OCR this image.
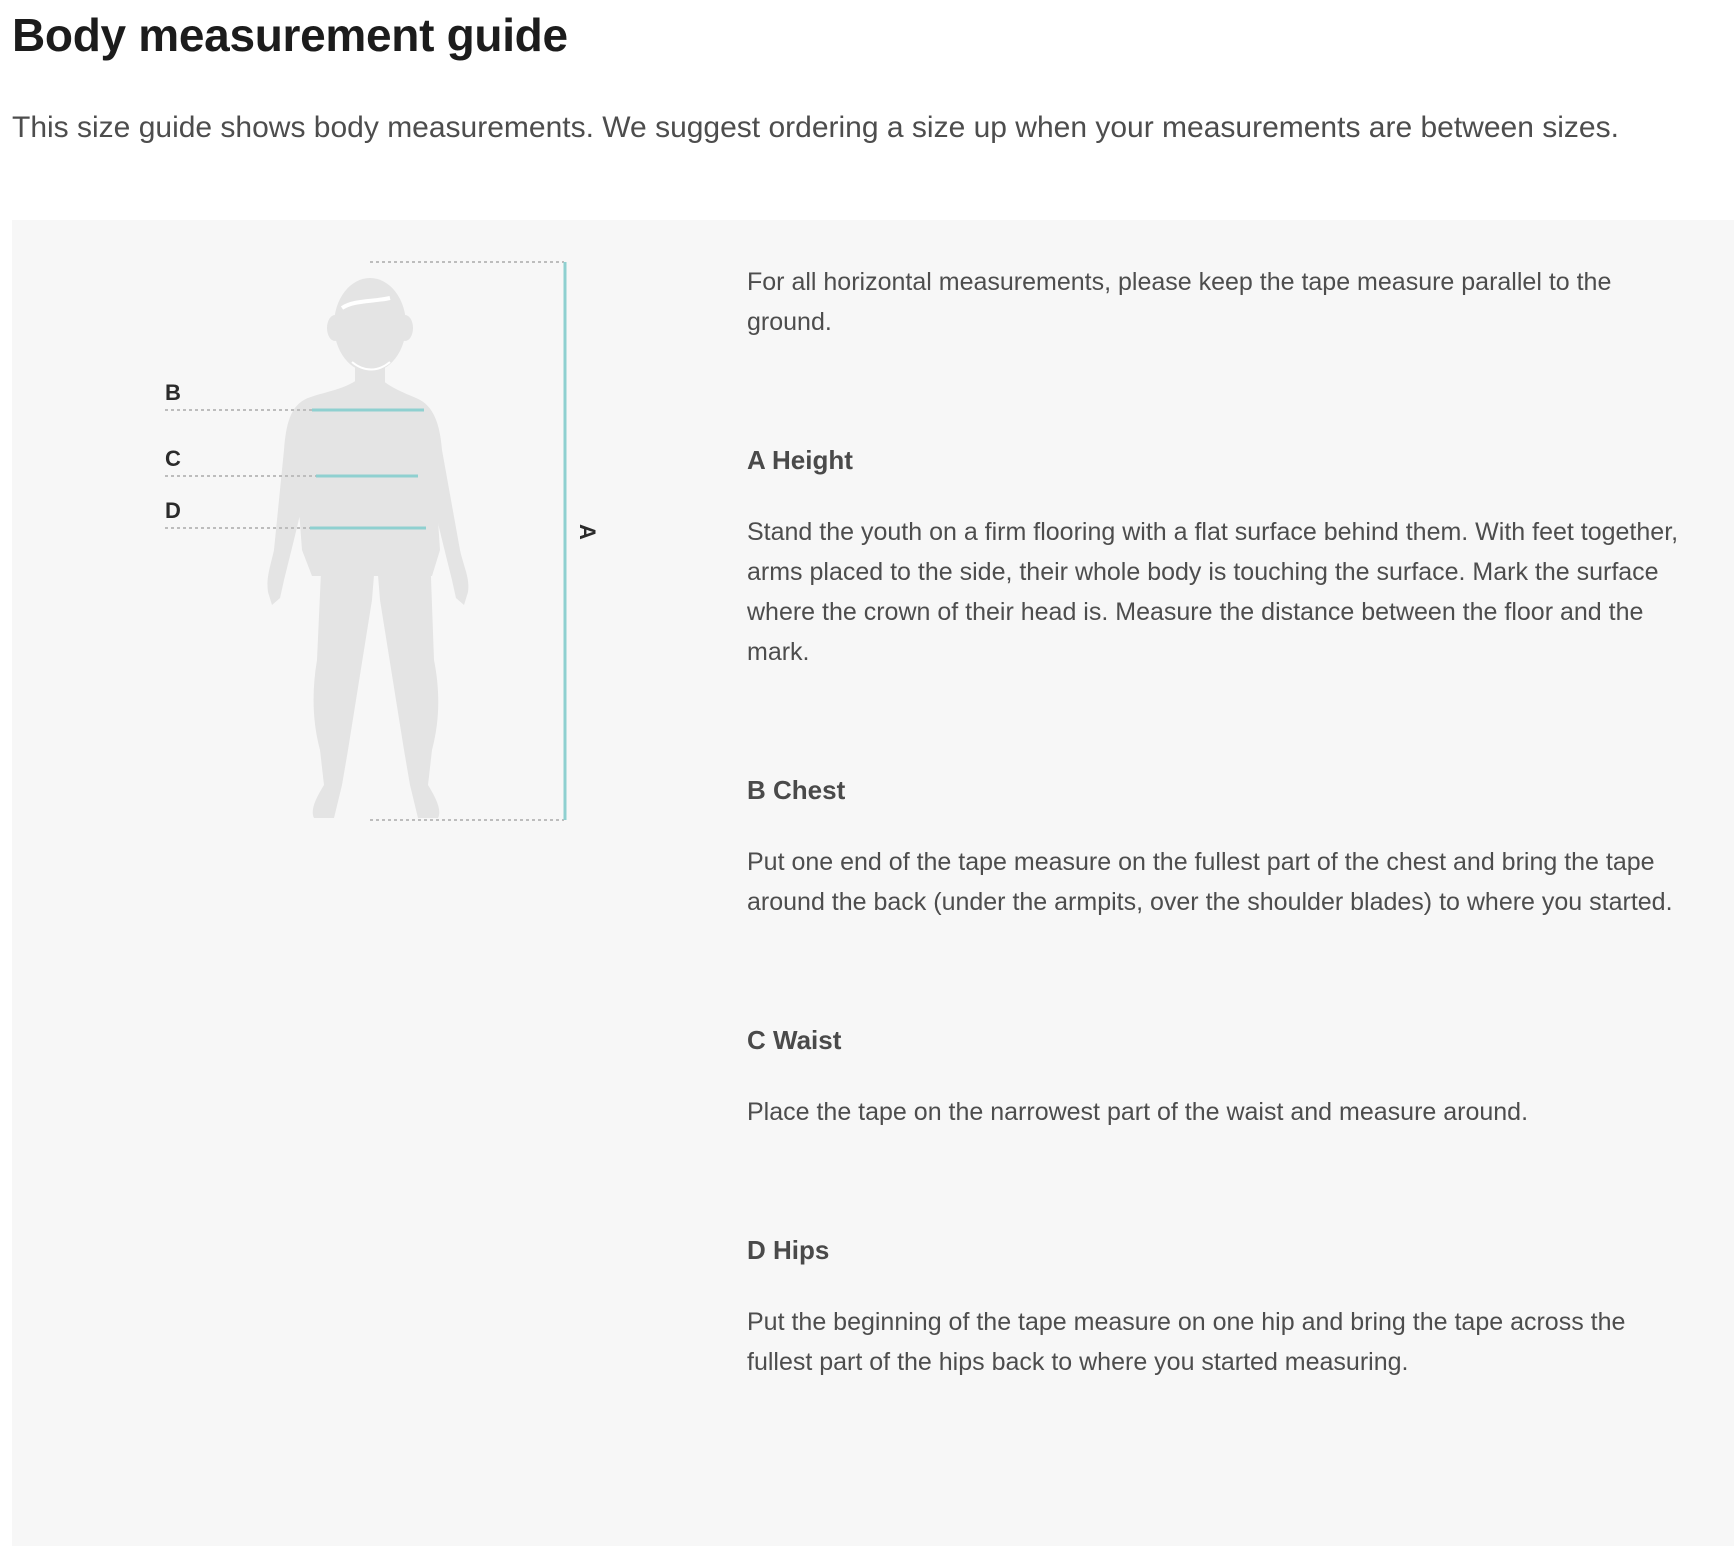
Body measurement guide

This size guide shows body measurements. We suggest ordering a size up when your measurements are between sizes.

A
B
C
D

For all horizontal measurements, please keep the tape measure parallel to the ground.

A Height

Stand the youth on a firm flooring with a flat surface behind them. With feet together, arms placed to the side, their whole body is touching the surface. Mark the surface where the crown of their head is. Measure the distance between the floor and the mark.

B Chest

Put one end of the tape measure on the fullest part of the chest and bring the tape around the back (under the armpits, over the shoulder blades) to where you started.

C Waist

Place the tape on the narrowest part of the waist and measure around.

D Hips

Put the beginning of the tape measure on one hip and bring the tape across the fullest part of the hips back to where you started measuring.
